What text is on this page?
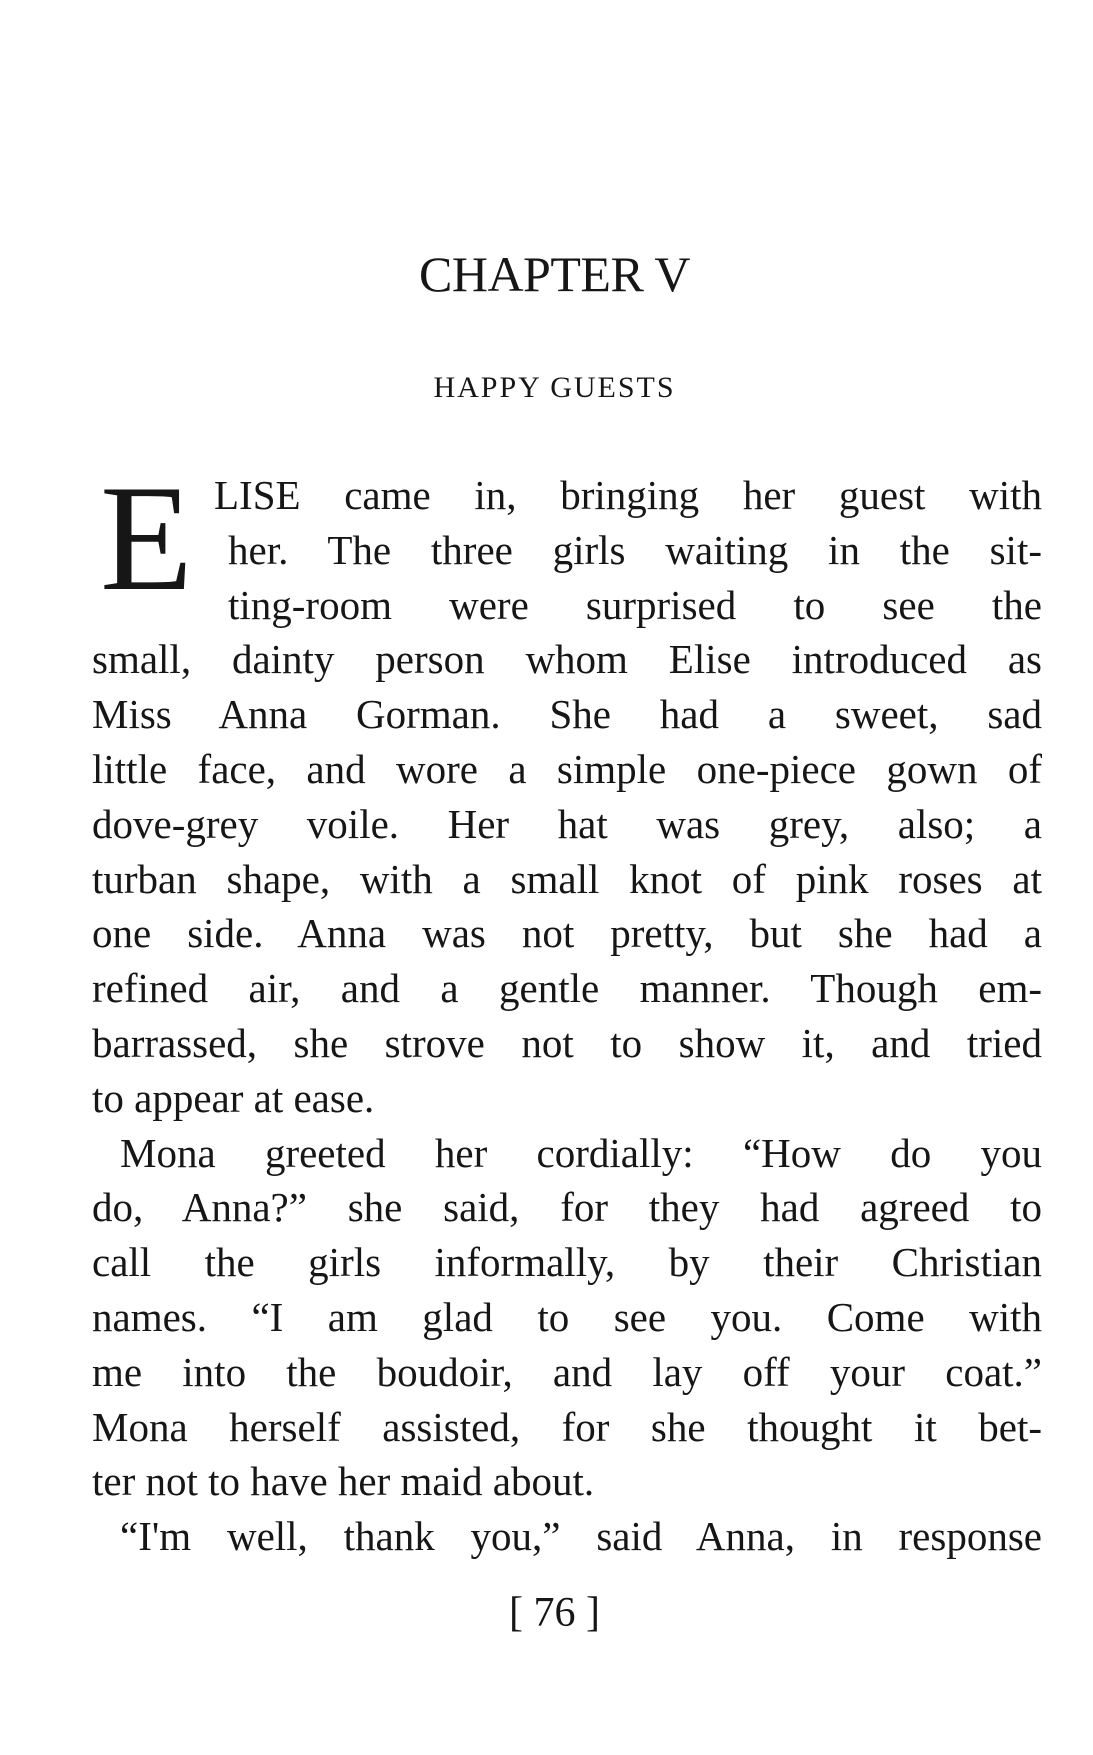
CHAPTER V
HAPPY GUESTS
E LISE came in, bringing her guest with
her. The three girls waiting in the sit-
ting-room were surprised to see the
small, dainty person whom Elise introduced as
Miss Anna Gorman. She had a sweet, sad
little face, and wore a simple one-piece gown of
dove-grey voile. Her hat was grey, also; a
turban shape, with a small knot of pink roses at
one side. Anna was not pretty, but she had a
refined air, and a gentle manner. Though em-
barrassed, she strove not to show it, and tried
to appear at ease.
Mona greeted her cordially: “How do you
do, Anna?” she said, for they had agreed to
call the girls informally, by their Christian
names. “I am glad to see you. Come with
me into the boudoir, and lay off your coat.”
Mona herself assisted, for she thought it bet-
ter not to have her maid about.
“I'm well, thank you,” said Anna, in response
[ 76 ]
